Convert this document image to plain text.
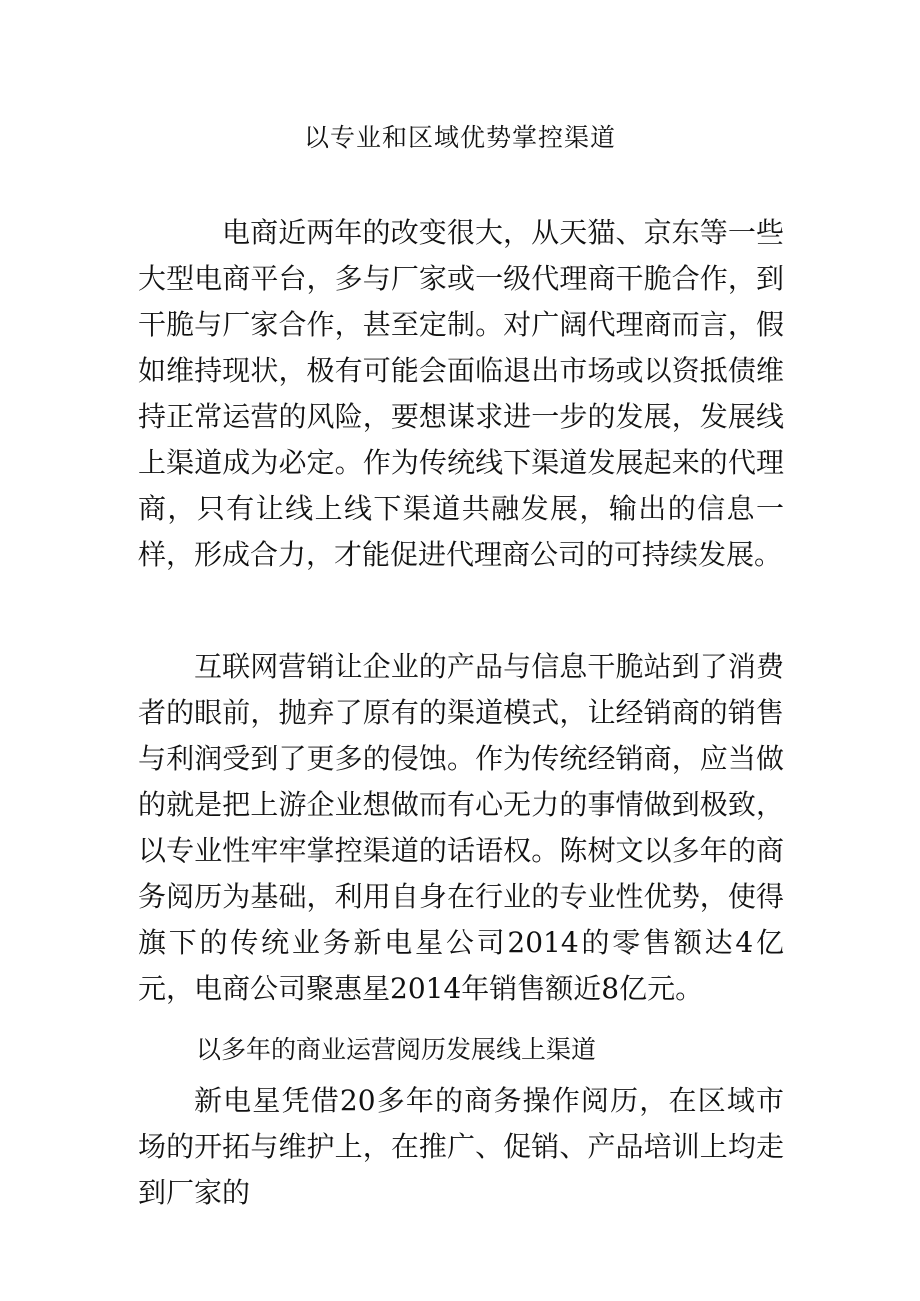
以专业和区域优势掌控渠道

电商近两年的改变很大，从天猫、京东等一些大型电商平台，多与厂家或一级代理商干脆合作，到干脆与厂家合作，甚至定制。对广阔代理商而言，假如维持现状，极有可能会面临退出市场或以资抵债维持正常运营的风险，要想谋求进一步的发展，发展线上渠道成为必定。作为传统线下渠道发展起来的代理商，只有让线上线下渠道共融发展，输出的信息一样，形成合力，才能促进代理商公司的可持续发展。

互联网营销让企业的产品与信息干脆站到了消费者的眼前，抛弃了原有的渠道模式，让经销商的销售与利润受到了更多的侵蚀。作为传统经销商，应当做的就是把上游企业想做而有心无力的事情做到极致，以专业性牢牢掌控渠道的话语权。陈树文以多年的商务阅历为基础，利用自身在行业的专业性优势，使得旗下的传统业务新电星公司2014的零售额达4亿元，电商公司聚惠星2014年销售额近8亿元。

以多年的商业运营阅历发展线上渠道

新电星凭借20多年的商务操作阅历，在区域市场的开拓与维护上，在推广、促销、产品培训上均走到厂家的
